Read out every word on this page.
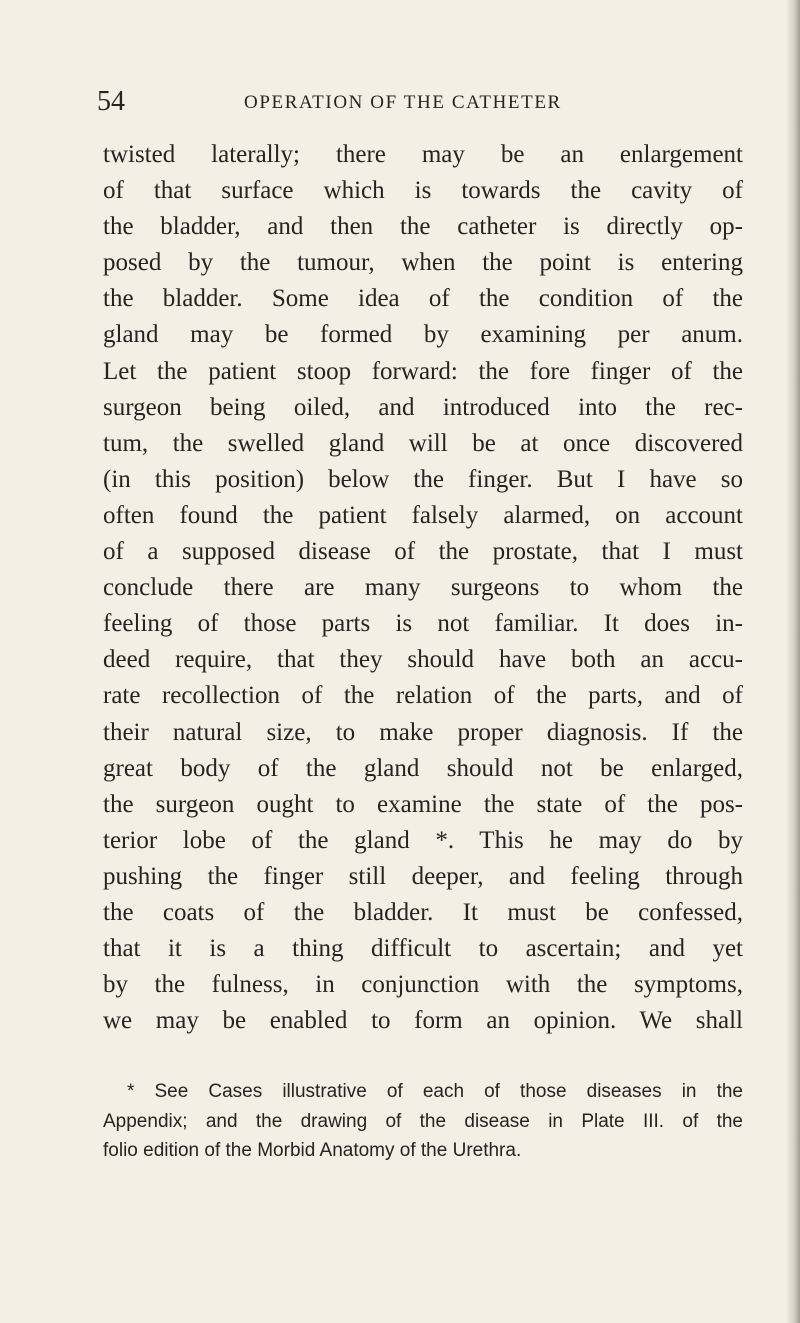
54	OPERATION OF THE CATHETER
twisted laterally; there may be an enlargement
of that surface which is towards the cavity of
the bladder, and then the catheter is directly op-
posed by the tumour, when the point is entering
the bladder. Some idea of the condition of the
gland may be formed by examining per anum.
Let the patient stoop forward: the fore finger of the
surgeon being oiled, and introduced into the rec-
tum, the swelled gland will be at once discovered
(in this position) below the finger. But I have so
often found the patient falsely alarmed, on account
of a supposed disease of the prostate, that I must
conclude there are many surgeons to whom the
feeling of those parts is not familiar. It does in-
deed require, that they should have both an accu-
rate recollection of the relation of the parts, and of
their natural size, to make proper diagnosis. If the
great body of the gland should not be enlarged,
the surgeon ought to examine the state of the pos-
terior lobe of the gland *. This he may do by
pushing the finger still deeper, and feeling through
the coats of the bladder. It must be confessed,
that it is a thing difficult to ascertain; and yet
by the fulness, in conjunction with the symptoms,
we may be enabled to form an opinion. We shall
* See Cases illustrative of each of those diseases in the
Appendix; and the drawing of the disease in Plate III. of the
folio edition of the Morbid Anatomy of the Urethra.
